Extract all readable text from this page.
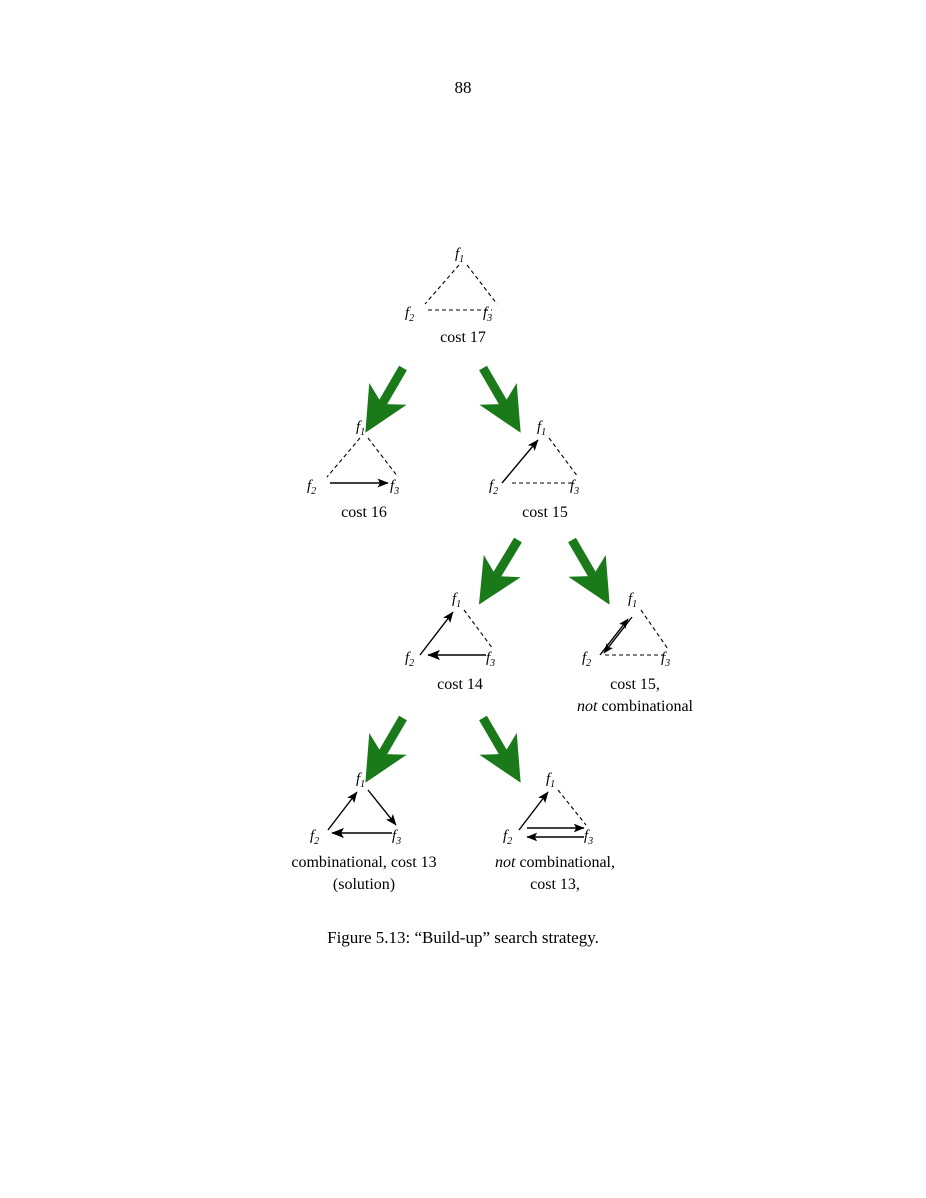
88
$f_1$
$f_2$	$f_3$
cost 17
$f_1$
$f_2$	$f_3$
cost 16
$f_1$
$f_2$	$f_3$
cost 15
$f_1$
$f_2$	$f_3$
cost 14
$f_1$
$f_2$	$f_3$
cost 15,
not combinational
$f_1$
$f_2$	$f_3$
combinational, cost 13
(solution)
$f_1$
$f_2$	$f_3$
not combinational,
cost 13,
Figure 5.13: “Build-up” search strategy.
